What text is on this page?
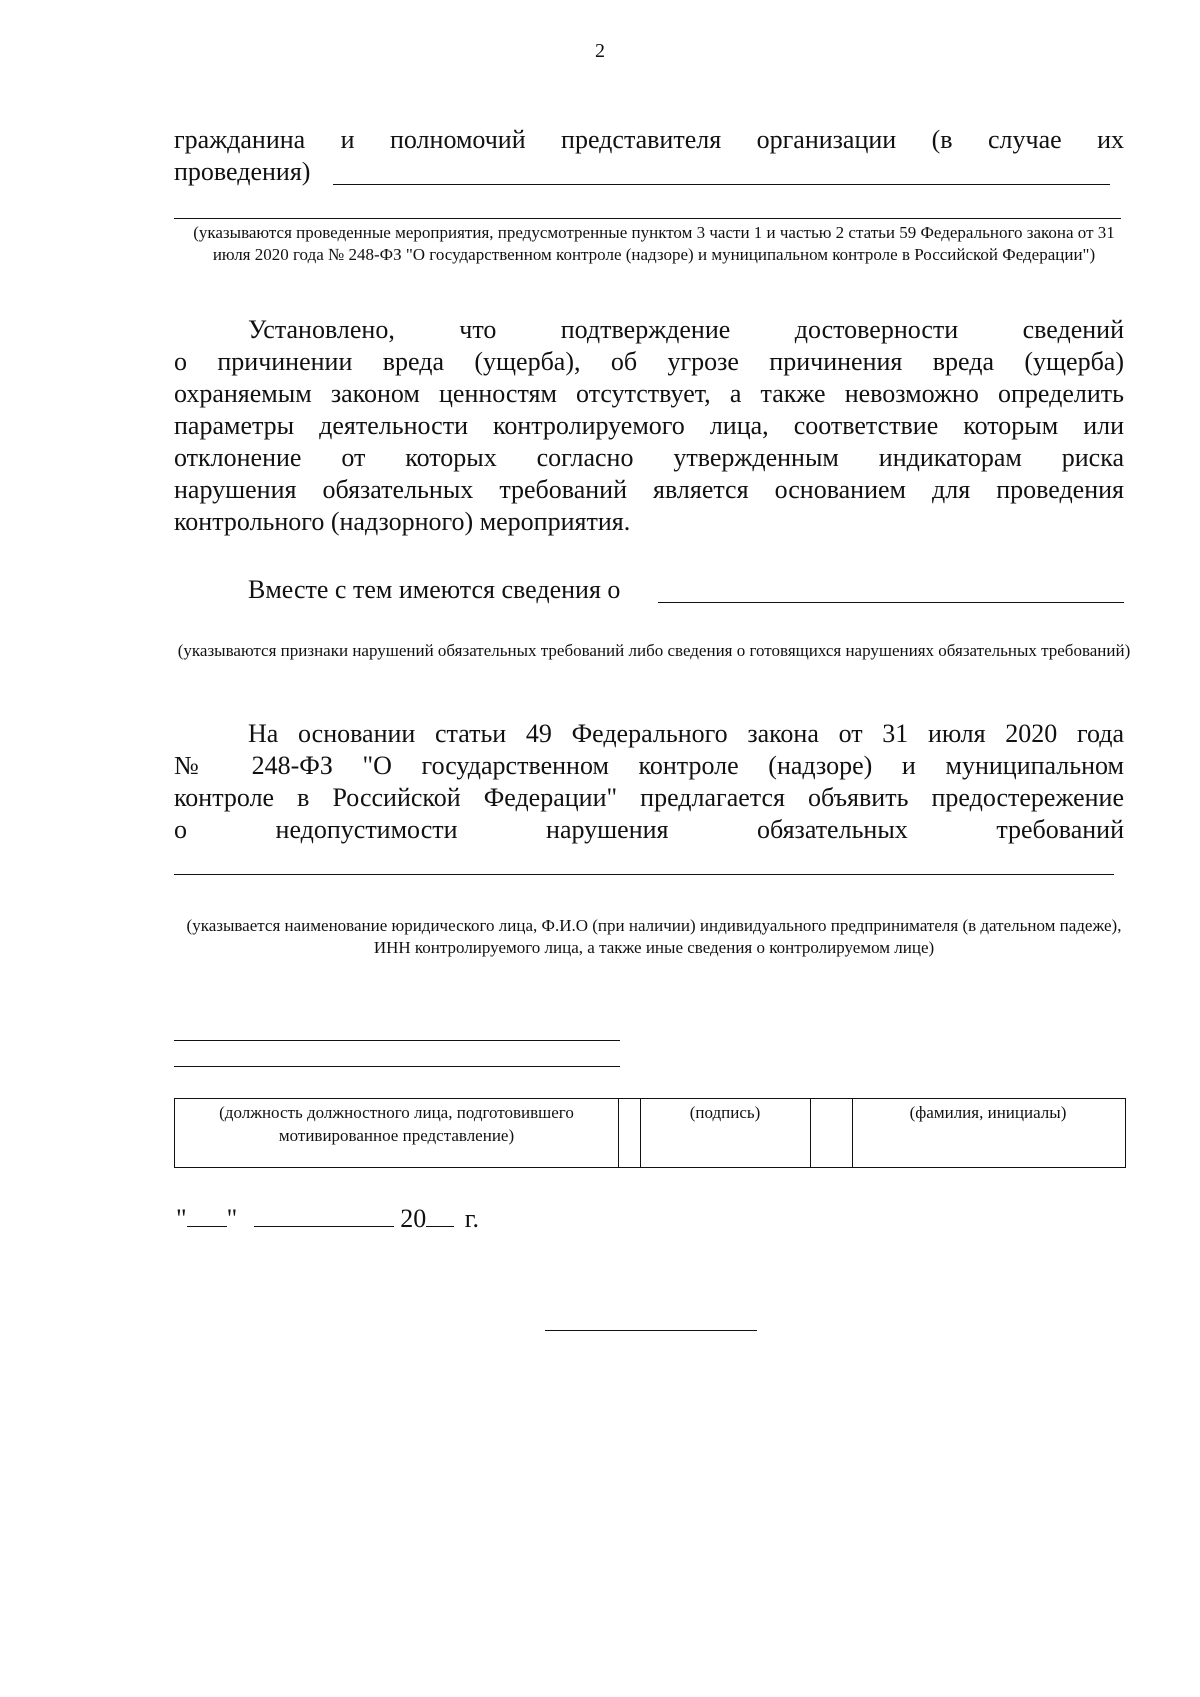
2
гражданина и полномочий представителя организации (в случае их
проведения)
(указываются проведенные мероприятия, предусмотренные пунктом 3 части 1 и частью 2 статьи 59 Федерального закона от 31 июля 2020 года № 248-ФЗ "О государственном контроле (надзоре) и муниципальном контроле в Российской Федерации")
Установлено, что подтверждение достоверности сведений
о причинении вреда (ущерба), об угрозе причинения вреда (ущерба)
охраняемым законом ценностям отсутствует, а также невозможно определить
параметры деятельности контролируемого лица, соответствие которым или
отклонение от которых согласно утвержденным индикаторам риска
нарушения обязательных требований является основанием для проведения
контрольного (надзорного) мероприятия.
Вместе с тем имеются сведения о
(указываются признаки нарушений обязательных требований либо сведения о готовящихся нарушениях обязательных требований)
На основании статьи 49 Федерального закона от 31 июля 2020 года
№ 248-ФЗ "О государственном контроле (надзоре) и муниципальном
контроле в Российской Федерации" предлагается объявить предостережение
о недопустимости нарушения обязательных требований
(указывается наименование юридического лица, Ф.И.О (при наличии) индивидуального предпринимателя (в дательном падеже), ИНН контролируемого лица, а также иные сведения о контролируемом лице)
(должность должностного лица, подготовившего мотивированное представление)
(подпись)	(фамилия, инициалы)
" "	20 г.
